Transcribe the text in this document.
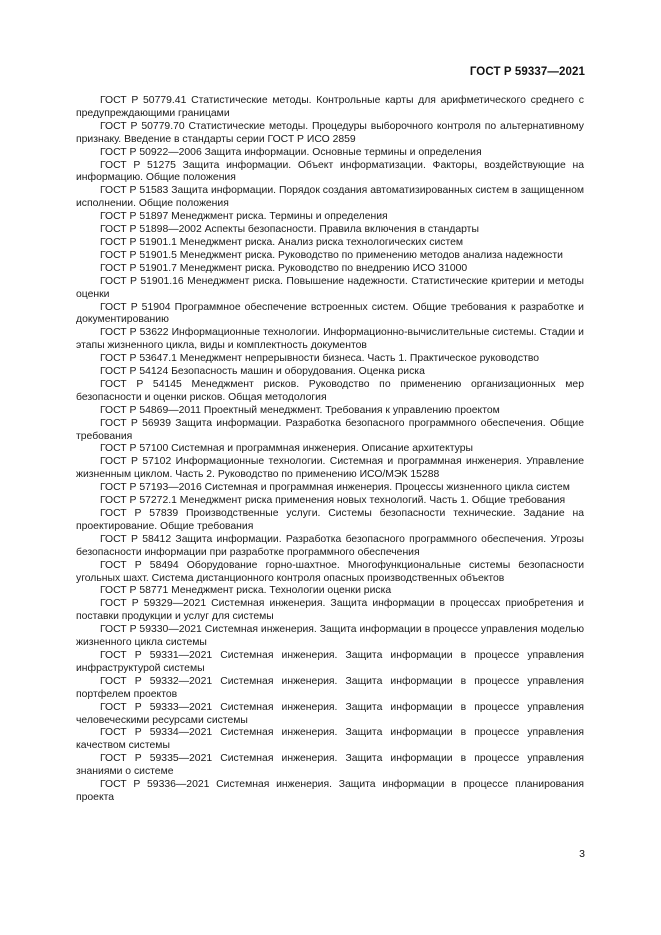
ГОСТ Р 59337—2021
ГОСТ Р 50779.41 Статистические методы. Контрольные карты для арифметического среднего с предупреждающими границами
ГОСТ Р 50779.70 Статистические методы. Процедуры выборочного контроля по альтернативному признаку. Введение в стандарты серии ГОСТ Р ИСО 2859
ГОСТ Р 50922—2006 Защита информации. Основные термины и определения
ГОСТ Р 51275 Защита информации. Объект информатизации. Факторы, воздействующие на информацию. Общие положения
ГОСТ Р 51583 Защита информации. Порядок создания автоматизированных систем в защищенном исполнении. Общие положения
ГОСТ Р 51897 Менеджмент риска. Термины и определения
ГОСТ Р 51898—2002 Аспекты безопасности. Правила включения в стандарты
ГОСТ Р 51901.1 Менеджмент риска. Анализ риска технологических систем
ГОСТ Р 51901.5 Менеджмент риска. Руководство по применению методов анализа надежности
ГОСТ Р 51901.7 Менеджмент риска. Руководство по внедрению ИСО 31000
ГОСТ Р 51901.16 Менеджмент риска. Повышение надежности. Статистические критерии и методы оценки
ГОСТ Р 51904 Программное обеспечение встроенных систем. Общие требования к разработке и документированию
ГОСТ Р 53622 Информационные технологии. Информационно-вычислительные системы. Стадии и этапы жизненного цикла, виды и комплектность документов
ГОСТ Р 53647.1 Менеджмент непрерывности бизнеса. Часть 1. Практическое руководство
ГОСТ Р 54124 Безопасность машин и оборудования. Оценка риска
ГОСТ Р 54145 Менеджмент рисков. Руководство по применению организационных мер безопасности и оценки рисков. Общая методология
ГОСТ Р 54869—2011 Проектный менеджмент. Требования к управлению проектом
ГОСТ Р 56939 Защита информации. Разработка безопасного программного обеспечения. Общие требования
ГОСТ Р 57100 Системная и программная инженерия. Описание архитектуры
ГОСТ Р 57102 Информационные технологии. Системная и программная инженерия. Управление жизненным циклом. Часть 2. Руководство по применению ИСО/МЭК 15288
ГОСТ Р 57193—2016 Системная и программная инженерия. Процессы жизненного цикла систем
ГОСТ Р 57272.1 Менеджмент риска применения новых технологий. Часть 1. Общие требования
ГОСТ Р 57839 Производственные услуги. Системы безопасности технические. Задание на проектирование. Общие требования
ГОСТ Р 58412 Защита информации. Разработка безопасного программного обеспечения. Угрозы безопасности информации при разработке программного обеспечения
ГОСТ Р 58494 Оборудование горно-шахтное. Многофункциональные системы безопасности угольных шахт. Система дистанционного контроля опасных производственных объектов
ГОСТ Р 58771 Менеджмент риска. Технологии оценки риска
ГОСТ Р 59329—2021 Системная инженерия. Защита информации в процессах приобретения и поставки продукции и услуг для системы
ГОСТ Р 59330—2021 Системная инженерия. Защита информации в процессе управления моделью жизненного цикла системы
ГОСТ Р 59331—2021 Системная инженерия. Защита информации в процессе управления инфраструктурой системы
ГОСТ Р 59332—2021 Системная инженерия. Защита информации в процессе управления портфелем проектов
ГОСТ Р 59333—2021 Системная инженерия. Защита информации в процессе управления человеческими ресурсами системы
ГОСТ Р 59334—2021 Системная инженерия. Защита информации в процессе управления качеством системы
ГОСТ Р 59335—2021 Системная инженерия. Защита информации в процессе управления знаниями о системе
ГОСТ Р 59336—2021 Системная инженерия. Защита информации в процессе планирования проекта
3
